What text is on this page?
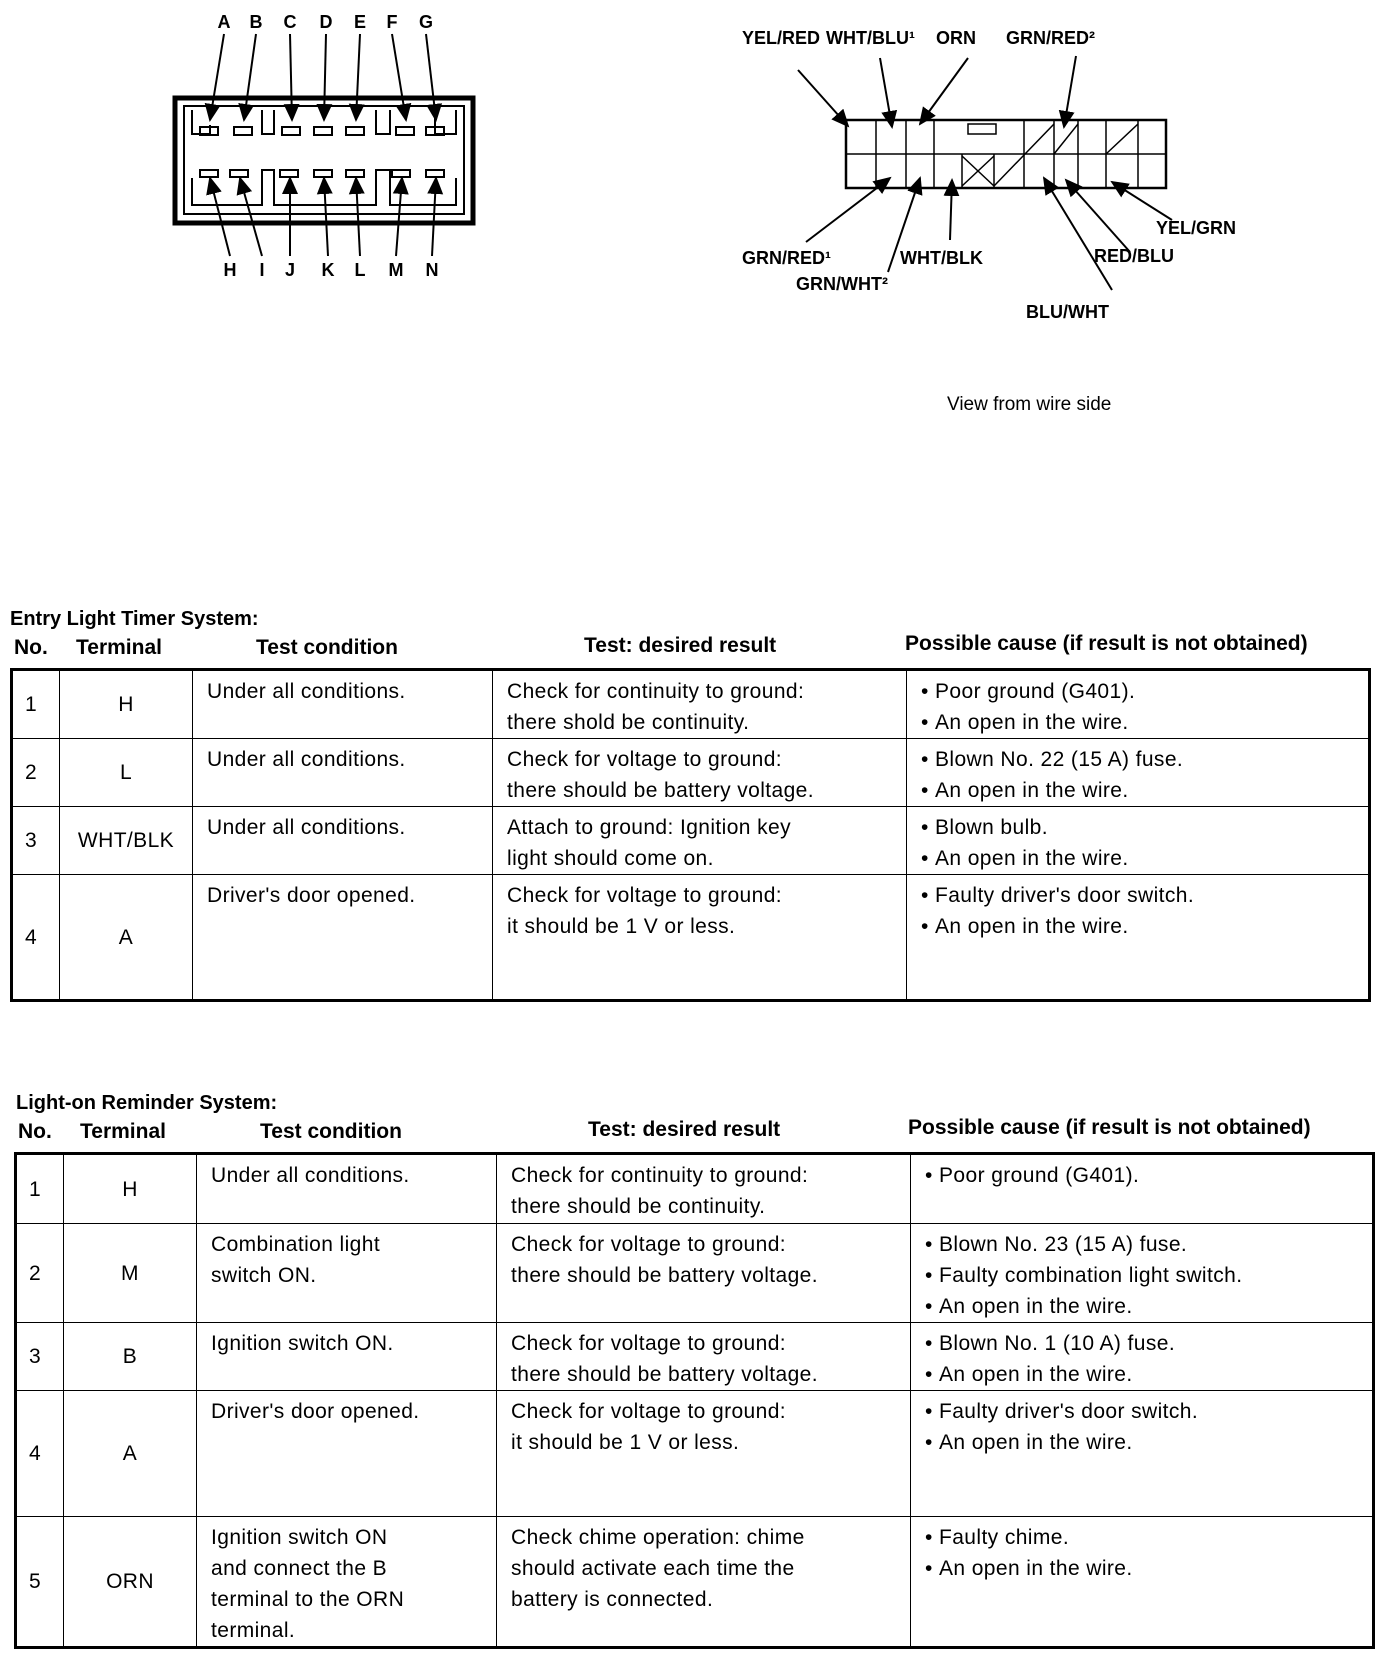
A B C D E F G
H I J K L M N
YEL/RED WHT/BLU¹ ORN GRN/RED²
GRN/RED¹
GRN/WHT²
WHT/BLK
BLU/WHT
RED/BLU
YEL/GRN
View from wire side
Entry Light Timer System:
No. Terminal	Test condition	Test: desired result	Possible cause (if result is not obtained)
1	H	Under all conditions.	Check for continuity to ground:
there shold be continuity.	• Poor ground (G401).
• An open in the wire.

2	L	Under all conditions.	Check for voltage to ground:
there should be battery voltage.	• Blown No. 22 (15 A) fuse.
• An open in the wire.

3	WHT/BLK	Under all conditions.	Attach to ground: Ignition key
light should come on.	• Blown bulb.
• An open in the wire.

4	A	Driver's door opened.	Check for voltage to ground:
it should be 1 V or less.	• Faulty driver's door switch.
• An open in the wire.
Light-on Reminder System:
No. Terminal	Test condition	Test: desired result	Possible cause (if result is not obtained)
1	H	Under all conditions.	Check for continuity to ground:
there should be continuity.	• Poor ground (G401).

2	M	Combination light
switch ON.	Check for voltage to ground:
there should be battery voltage.	• Blown No. 23 (15 A) fuse.
• Faulty combination light switch.
• An open in the wire.

3	B	Ignition switch ON.	Check for voltage to ground:
there should be battery voltage.	• Blown No. 1 (10 A) fuse.
• An open in the wire.

4	A	Driver's door opened.	Check for voltage to ground:
it should be 1 V or less.	• Faulty driver's door switch.
• An open in the wire.

5	ORN	Ignition switch ON
and connect the B
terminal to the ORN
terminal.	Check chime operation: chime
should activate each time the
battery is connected.	• Faulty chime.
• An open in the wire.
